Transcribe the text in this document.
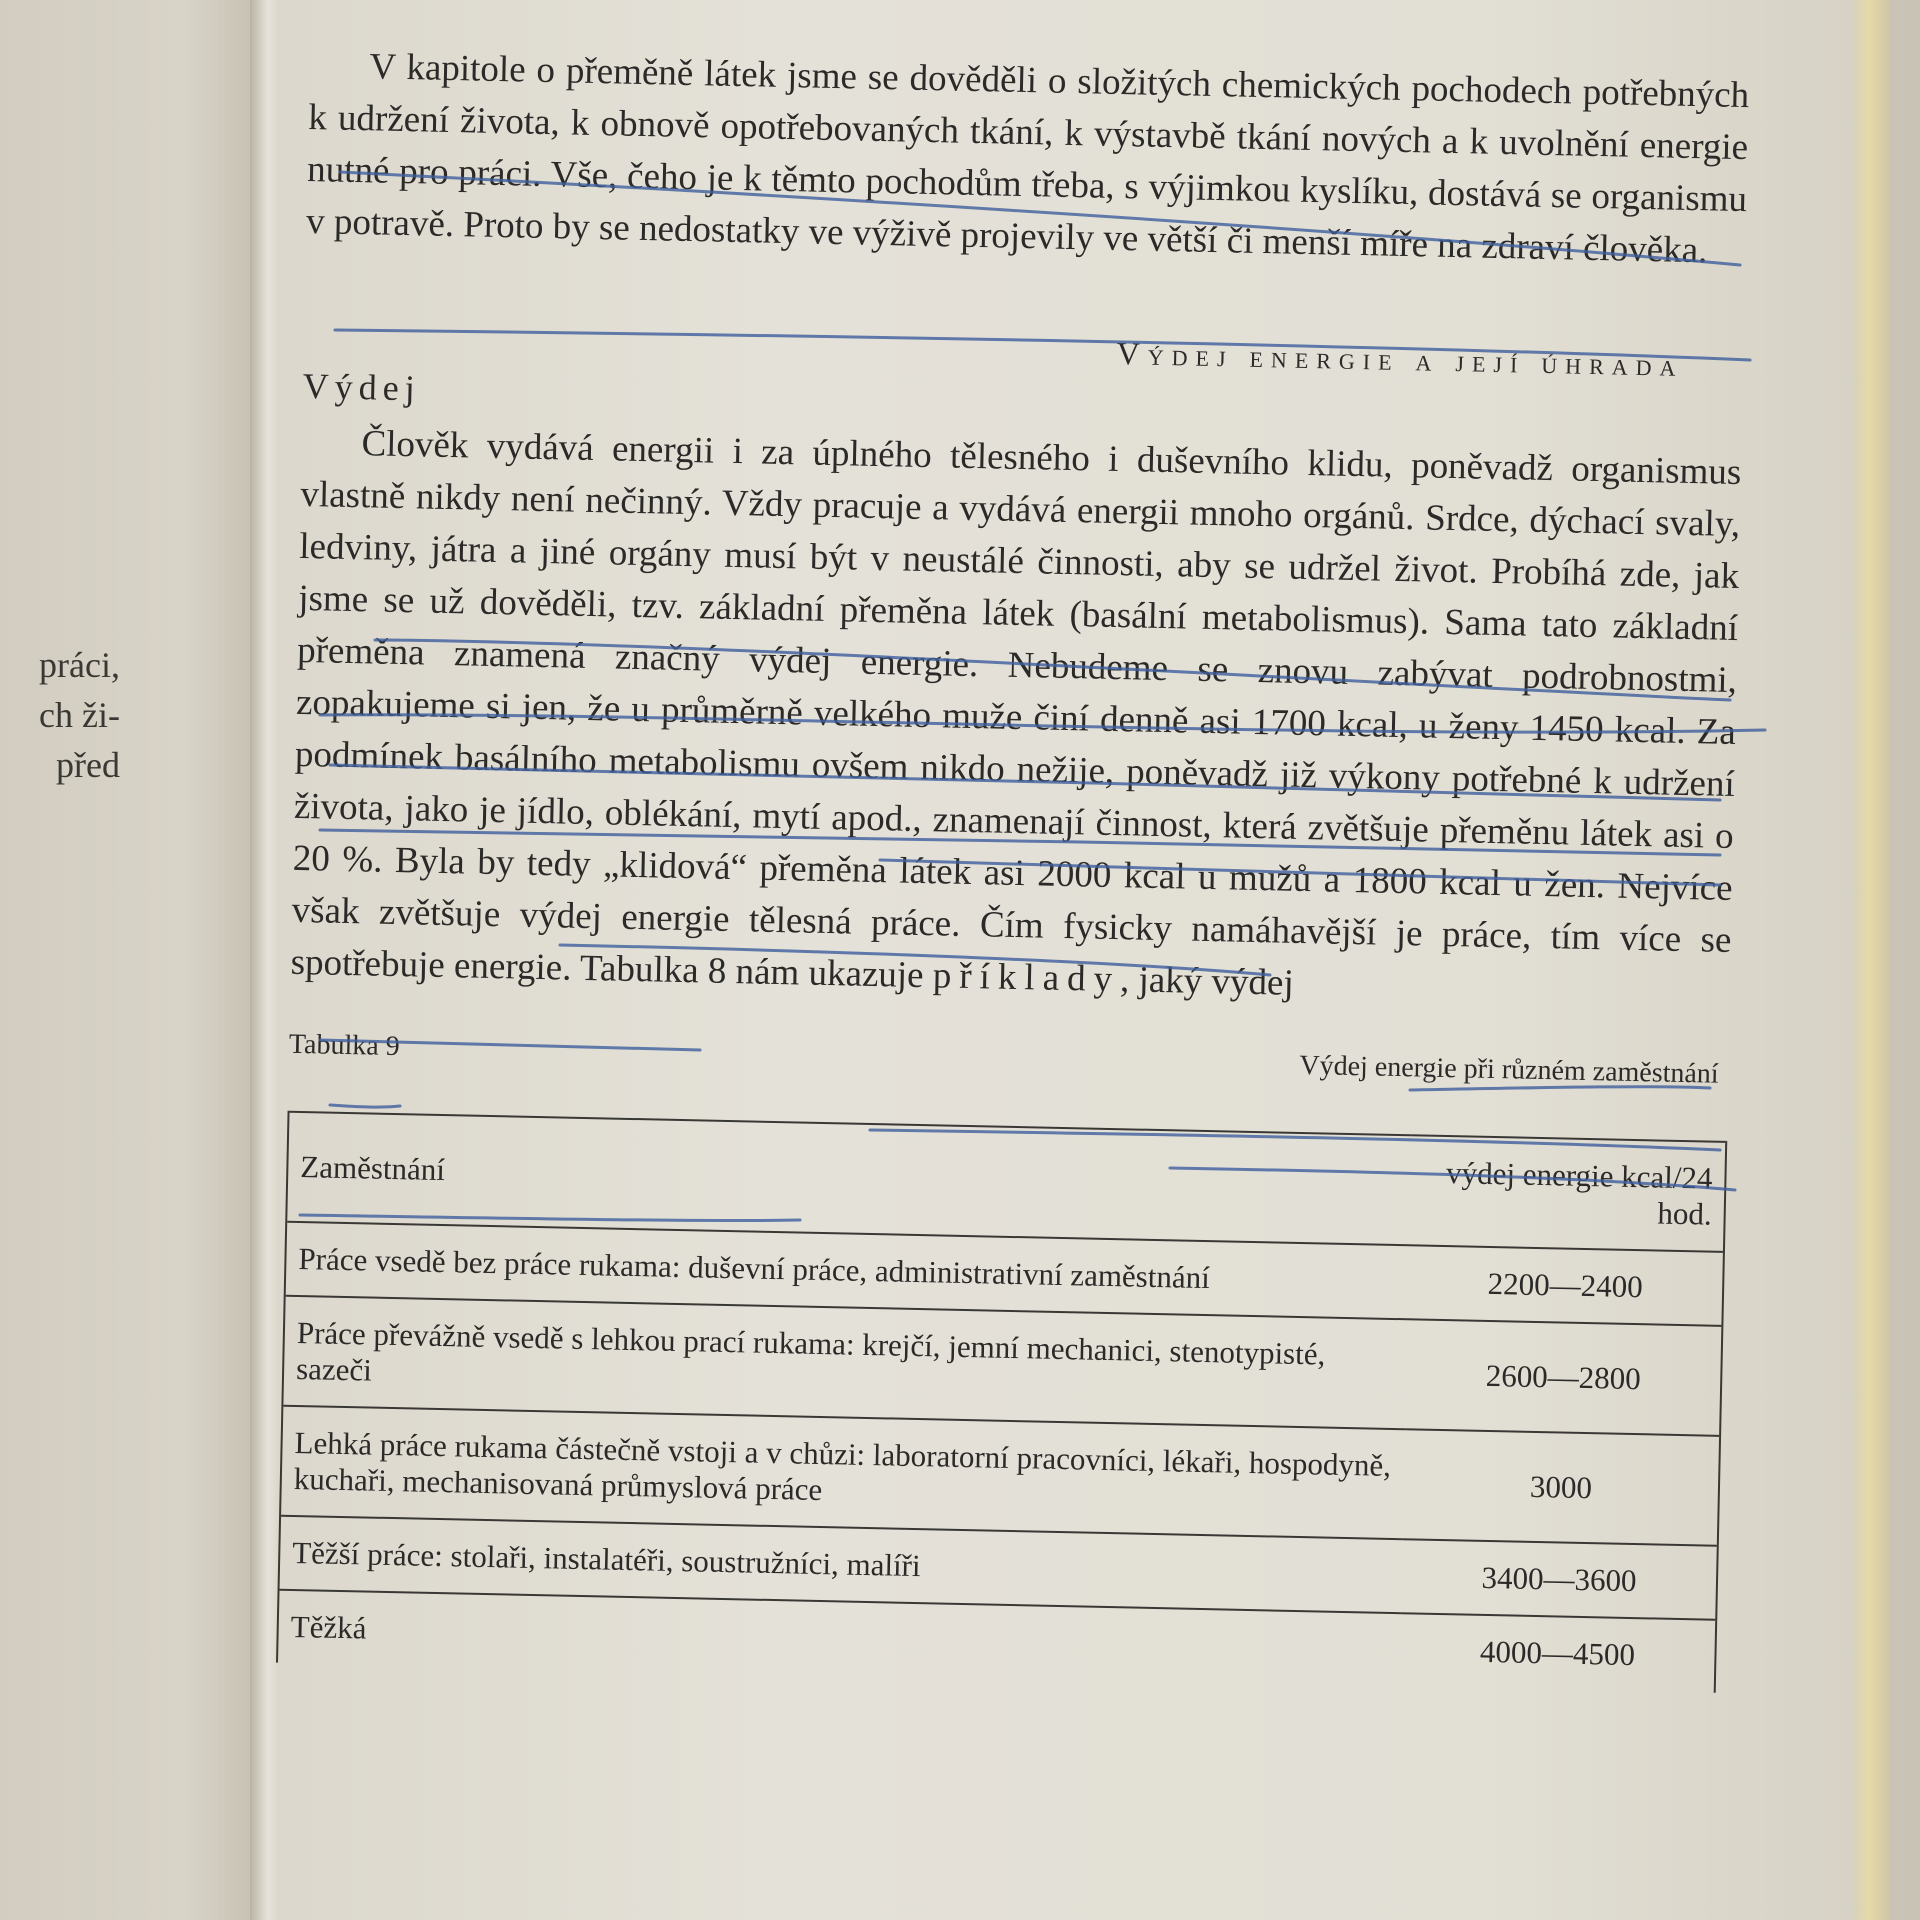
práci,
ch ži-
před

V kapitole o přeměně látek jsme se dověděli o složitých chemických pochodech potřebných k udržení života, k obnově opotřebovaných tkání, k výstavbě tkání nových a k uvolnění energie nutné pro práci. Vše, čeho je k těmto pochodům třeba, s výjimkou kyslíku, dostává se organismu v potravě. Proto by se nedostatky ve výživě projevily ve větší či menší míře na zdraví člověka.

Výdej energie a její úhrada
Výdej

Člověk vydává energii i za úplného tělesného i duševního klidu, poněvadž organismus vlastně nikdy není nečinný. Vždy pracuje a vydává energii mnoho orgánů. Srdce, dýchací svaly, ledviny, játra a jiné orgány musí být v neustálé činnosti, aby se udržel život. Probíhá zde, jak jsme se už dověděli, tzv. základní přeměna látek (basální metabolismus). Sama tato základní přeměna znamená značný výdej energie. Nebudeme se znovu zabývat podrobnostmi, zopakujeme si jen, že u průměrně velkého muže činí denně asi 1700 kcal, u ženy 1450 kcal. Za podmínek basálního metabolismu ovšem nikdo nežije, poněvadž již výkony potřebné k udržení života, jako je jídlo, oblékání, mytí apod., znamenají činnost, která zvětšuje přeměnu látek asi o 20 %. Byla by tedy „klidová“ přeměna látek asi 2000 kcal u mužů a 1800 kcal u žen. Nejvíce však zvětšuje výdej energie tělesná práce. Čím fysicky namáhavější je práce, tím více se spotřebuje energie. Tabulka 8 nám ukazuje příklady, jaký výdej

Tabulka 9
Výdej energie při různém zaměstnání
Zaměstnání	výdej energie kcal/24 hod.
Práce vsedě bez práce rukama: duševní práce, administrativní zaměstnání	2200—2400
Práce převážně vsedě s lehkou prací rukama: krejčí, jemní mechanici, stenotypisté, sazeči	2600—2800
Lehká práce rukama částečně vstoji a v chůzi: laboratorní pracovníci, lékaři, hospodyně, kuchaři, mechanisovaná průmyslová práce	3000
Těžší práce: stolaři, instalatéři, soustružníci, malíři	3400—3600
Těžká	4000—4500
